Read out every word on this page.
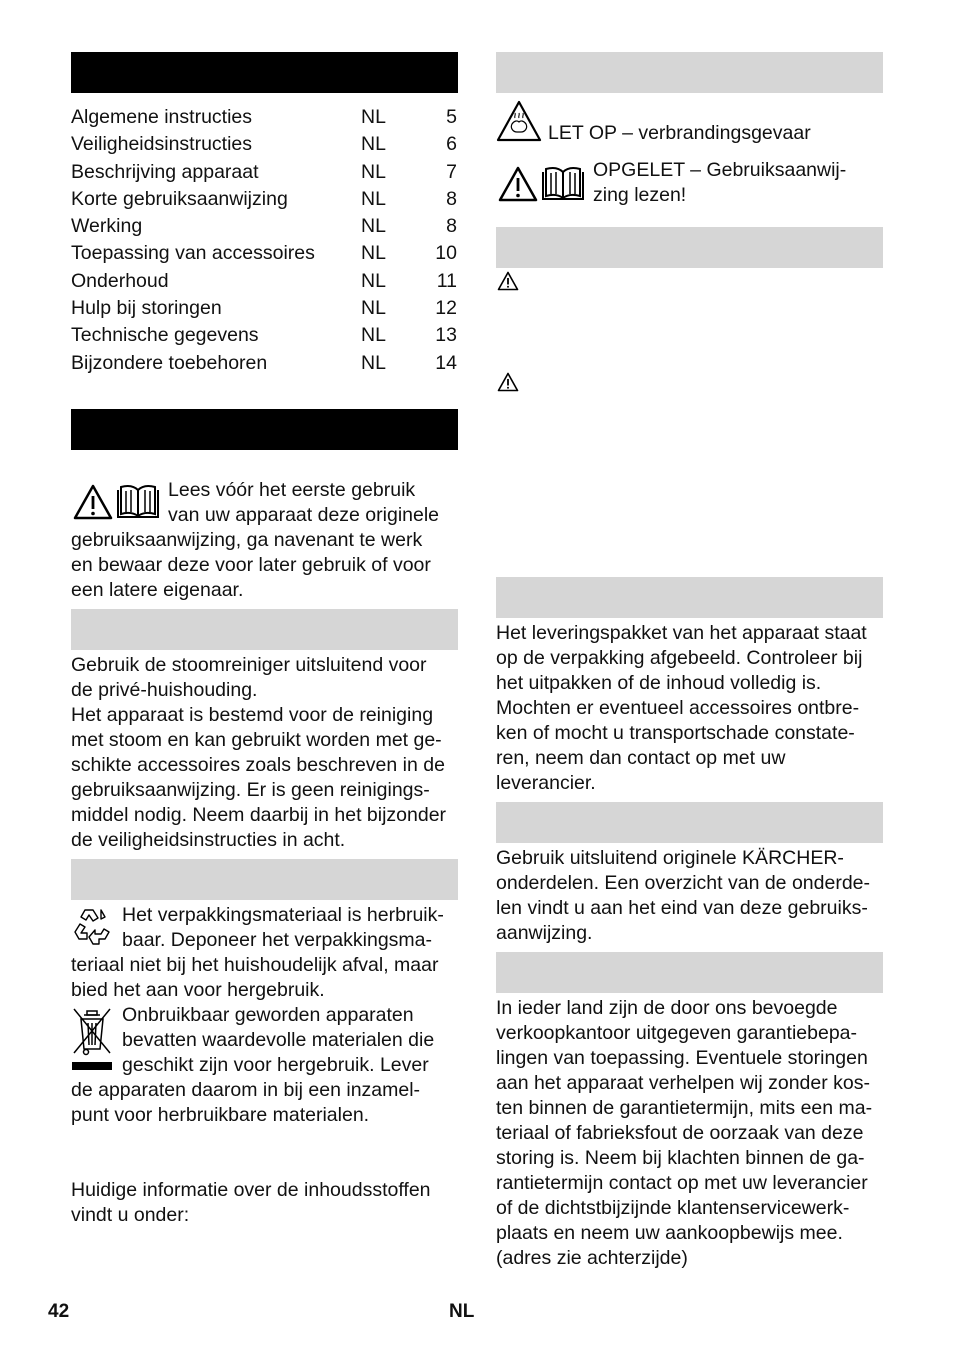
Algemene instructies	NL	5
Veiligheidsinstructies	NL	6
Beschrijving apparaat	NL	7
Korte gebruiksaanwijzing	NL	8
Werking	NL	8
Toepassing van accessoires NL	10
Onderhoud	NL	11
Hulp bij storingen	NL	12
Technische gegevens	NL	13
Bijzondere toebehoren	NL	14
Lees vóór het eerste gebruik
van uw apparaat deze originele
gebruiksaanwijzing, ga navenant te werk
en bewaar deze voor later gebruik of voor
een latere eigenaar.
Gebruik de stoomreiniger uitsluitend voor
de privé-huishouding.
Het apparaat is bestemd voor de reiniging
met stoom en kan gebruikt worden met ge-
schikte accessoires zoals beschreven in de
gebruiksaanwijzing. Er is geen reinigings-
middel nodig. Neem daarbij in het bijzonder
de veiligheidsinstructies in acht.
Het verpakkingsmateriaal is herbruik-
baar. Deponeer het verpakkingsma-
teriaal niet bij het huishoudelijk afval, maar
bied het aan voor hergebruik.
Onbruikbaar geworden apparaten
bevatten waardevolle materialen die
geschikt zijn voor hergebruik. Lever
de apparaten daarom in bij een inzamel-
punt voor herbruikbare materialen.
Huidige informatie over de inhoudsstoffen
vindt u onder:
LET OP – verbrandingsgevaar
OPGELET – Gebruiksaanwij-
zing lezen!
Het leveringspakket van het apparaat staat
op de verpakking afgebeeld. Controleer bij
het uitpakken of de inhoud volledig is.
Mochten er eventueel accessoires ontbre-
ken of mocht u transportschade constate-
ren, neem dan contact op met uw
leverancier.
Gebruik uitsluitend originele KÄRCHER-
onderdelen. Een overzicht van de onderde-
len vindt u aan het eind van deze gebruiks-
aanwijzing.
In ieder land zijn de door ons bevoegde
verkoopkantoor uitgegeven garantiebepa-
lingen van toepassing. Eventuele storingen
aan het apparaat verhelpen wij zonder kos-
ten binnen de garantietermijn, mits een ma-
teriaal of fabrieksfout de oorzaak van deze
storing is. Neem bij klachten binnen de ga-
rantietermijn contact op met uw leverancier
of de dichtstbijzijnde klantenservicewerk-
plaats en neem uw aankoopbewijs mee.
(adres zie achterzijde)
42	NL
